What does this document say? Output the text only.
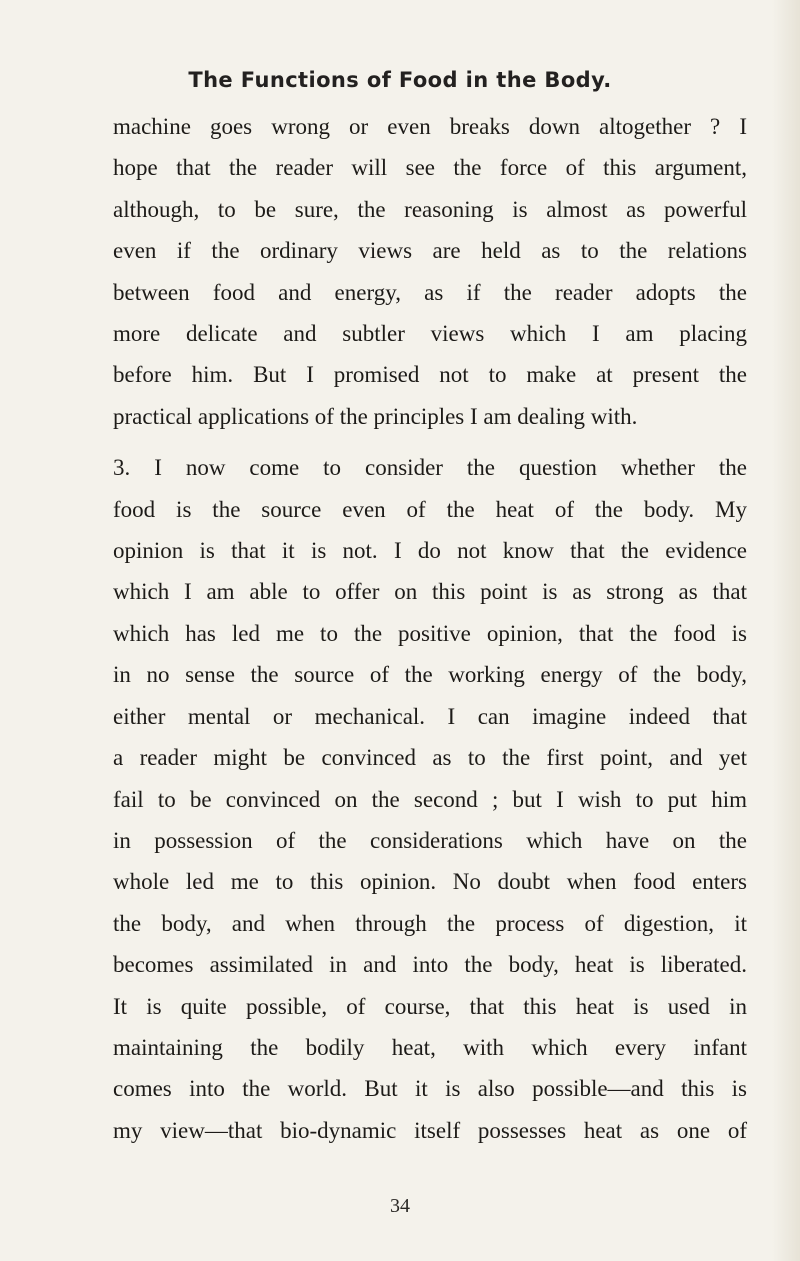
The Functions of Food in the Body.

machine goes wrong or even breaks down altogether ? I

hope that the reader will see the force of this argument,

although, to be sure, the reasoning is almost as powerful

even if the ordinary views are held as to the relations

between food and energy, as if the reader adopts the

more delicate and subtler views which I am placing

before him. But I promised not to make at present the

practical applications of the principles I am dealing with.

3. I now come to consider the question whether the

food is the source even of the heat of the body. My

opinion is that it is not. I do not know that the evidence

which I am able to offer on this point is as strong as that

which has led me to the positive opinion, that the food is

in no sense the source of the working energy of the body,

either mental or mechanical. I can imagine indeed that

a reader might be convinced as to the first point, and yet

fail to be convinced on the second ; but I wish to put him

in possession of the considerations which have on the

whole led me to this opinion. No doubt when food enters

the body, and when through the process of digestion, it

becomes assimilated in and into the body, heat is liberated.

It is quite possible, of course, that this heat is used in

maintaining the bodily heat, with which every infant

comes into the world. But it is also possible—and this is

my view—that bio-dynamic itself possesses heat as one of

34
